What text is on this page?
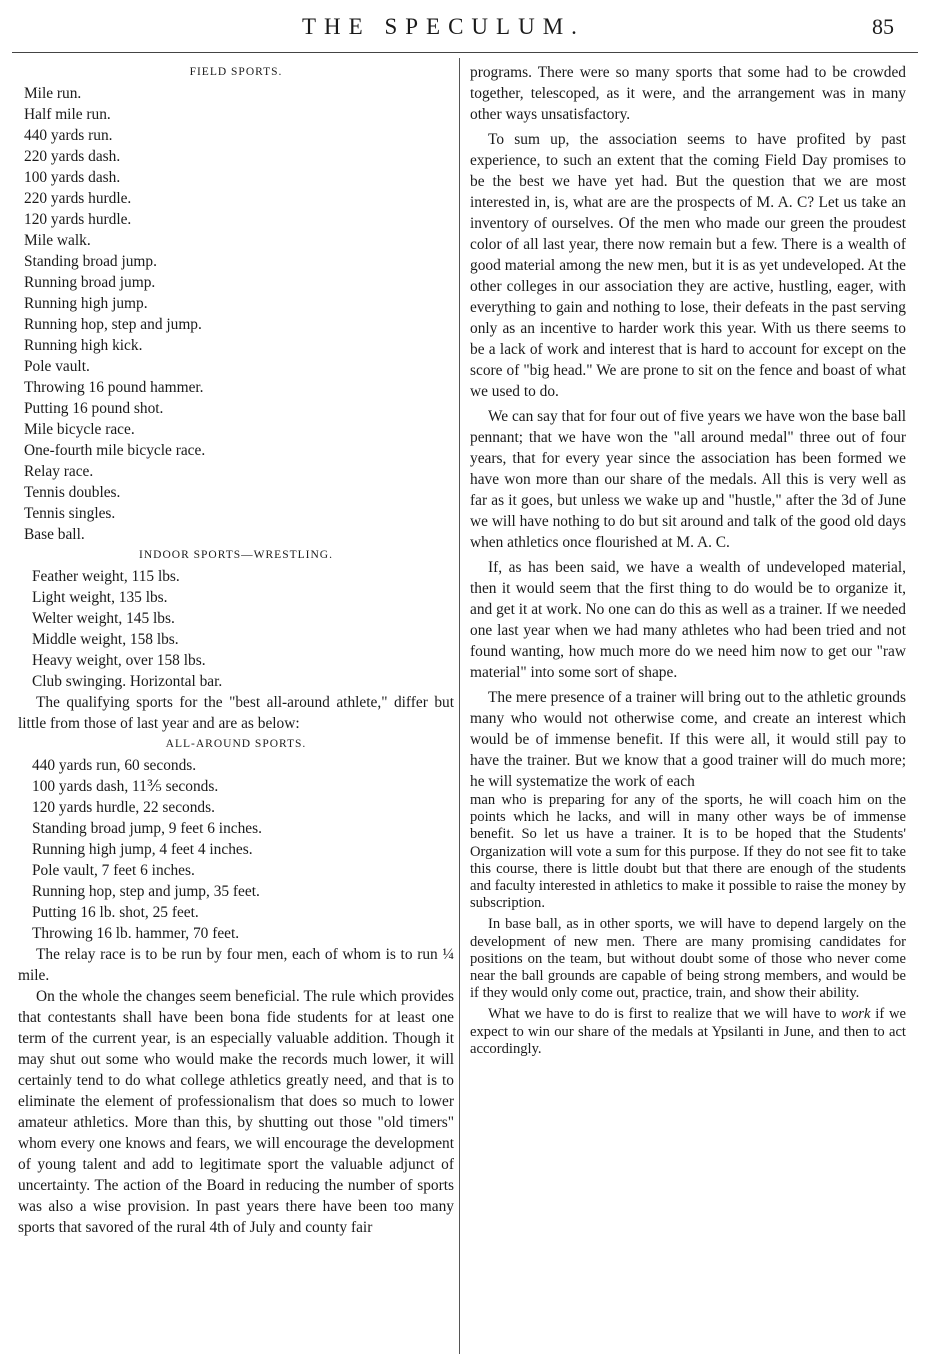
THE SPECULUM.	85
FIELD SPORTS.
Mile run.
Half mile run.
440 yards run.
220 yards dash.
100 yards dash.
220 yards hurdle.
120 yards hurdle.
Mile walk.
Standing broad jump.
Running broad jump.
Running high jump.
Running hop, step and jump.
Running high kick.
Pole vault.
Throwing 16 pound hammer.
Putting 16 pound shot.
Mile bicycle race.
One-fourth mile bicycle race.
Relay race.
Tennis doubles.
Tennis singles.
Base ball.
INDOOR SPORTS—WRESTLING.
Feather weight, 115 lbs.
Light weight, 135 lbs.
Welter weight, 145 lbs.
Middle weight, 158 lbs.
Heavy weight, over 158 lbs.
Club swinging. Horizontal bar.

The qualifying sports for the "best all-around athlete," differ but little from those of last year and are as below:

ALL-AROUND SPORTS.
440 yards run, 60 seconds.
100 yards dash, 11⅗ seconds.
120 yards hurdle, 22 seconds.
Standing broad jump, 9 feet 6 inches.
Running high jump, 4 feet 4 inches.
Pole vault, 7 feet 6 inches.
Running hop, step and jump, 35 feet.
Putting 16 lb. shot, 25 feet.
Throwing 16 lb. hammer, 70 feet.

The relay race is to be run by four men, each of whom is to run ¼ mile.

On the whole the changes seem beneficial. The rule which provides that contestants shall have been bona fide students for at least one term of the current year, is an especially valuable addition. Though it may shut out some who would make the records much lower, it will certainly tend to do what college athletics greatly need, and that is to eliminate the element of professionalism that does so much to lower amateur athletics. More than this, by shutting out those "old timers" whom every one knows and fears, we will encourage the development of young talent and add to legitimate sport the valuable adjunct of uncertainty. The action of the Board in reducing the number of sports was also a wise provision. In past years there have been too many sports that savored of the rural 4th of July and county fair

programs. There were so many sports that some had to be crowded together, telescoped, as it were, and the arrangement was in many other ways unsatisfactory.

To sum up, the association seems to have profited by past experience, to such an extent that the coming Field Day promises to be the best we have yet had. But the question that we are most interested in, is, what are are the prospects of M. A. C? Let us take an inventory of ourselves. Of the men who made our green the proudest color of all last year, there now remain but a few. There is a wealth of good material among the new men, but it is as yet undeveloped. At the other colleges in our association they are active, hustling, eager, with everything to gain and nothing to lose, their defeats in the past serving only as an incentive to harder work this year. With us there seems to be a lack of work and interest that is hard to account for except on the score of "big head." We are prone to sit on the fence and boast of what we used to do.

We can say that for four out of five years we have won the base ball pennant; that we have won the "all around medal" three out of four years, that for every year since the association has been formed we have won more than our share of the medals. All this is very well as far as it goes, but unless we wake up and "hustle," after the 3d of June we will have nothing to do but sit around and talk of the good old days when athletics once flourished at M. A. C.

If, as has been said, we have a wealth of undeveloped material, then it would seem that the first thing to do would be to organize it, and get it at work. No one can do this as well as a trainer. If we needed one last year when we had many athletes who had been tried and not found wanting, how much more do we need him now to get our "raw material" into some sort of shape.

The mere presence of a trainer will bring out to the athletic grounds many who would not otherwise come, and create an interest which would be of immense benefit. If this were all, it would still pay to have the trainer. But we know that a good trainer will do much more; he will systematize the work of each

man who is preparing for any of the sports, he will coach him on the points which he lacks, and will in many other ways be of immense benefit. So let us have a trainer. It is to be hoped that the Students' Organization will vote a sum for this purpose. If they do not see fit to take this course, there is little doubt but that there are enough of the students and faculty interested in athletics to make it possible to raise the money by subscription.

In base ball, as in other sports, we will have to depend largely on the development of new men. There are many promising candidates for positions on the team, but without doubt some of those who never come near the ball grounds are capable of being strong members, and would be if they would only come out, practice, train, and show their ability.

What we have to do is first to realize that we will have to work if we expect to win our share of the medals at Ypsilanti in June, and then to act accordingly.
